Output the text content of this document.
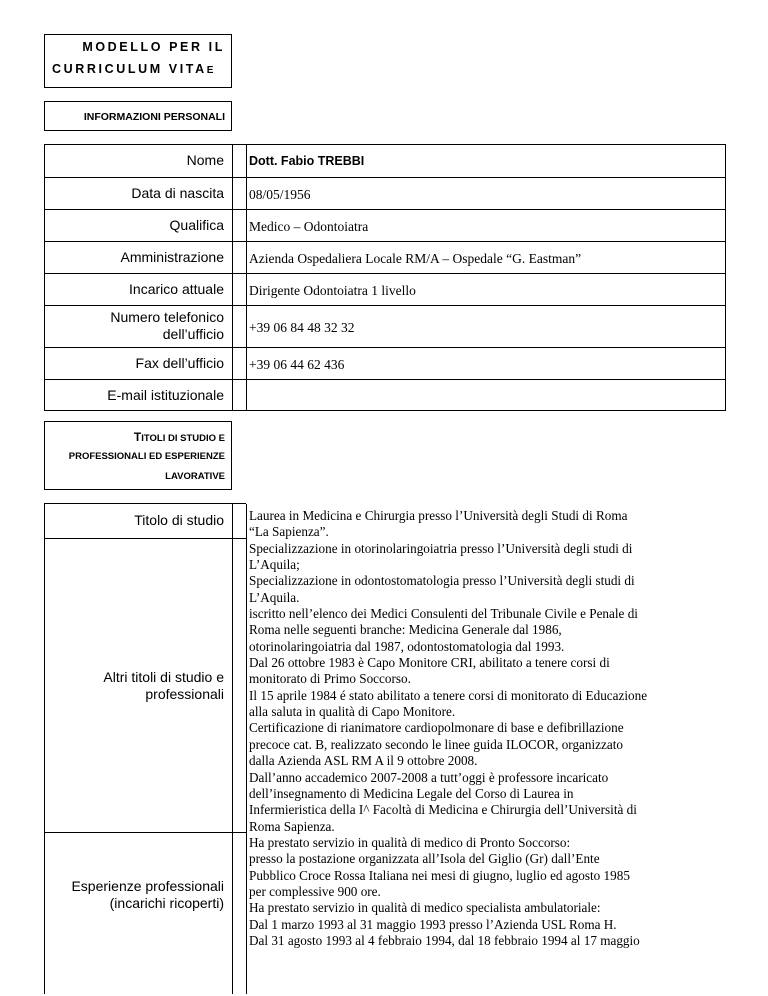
MODELLO PER IL
CURRICULUM VITAE
INFORMAZIONI PERSONALI
Nome Dott. Fabio TREBBI
Data di nascita 08/05/1956
Qualifica Medico – Odontoiatra
Amministrazione Azienda Ospedaliera Locale RM/A – Ospedale “G. Eastman”
Incarico attuale Dirigente Odontoiatra 1 livello
Numero telefonico
dell’ufficio +39 06 84 48 32 32
Fax dell’ufficio +39 06 44 62 436
E-mail istituzionale
TITOLI DI STUDIO E
PROFESSIONALI ED ESPERIENZE
LAVORATIVE
Titolo di studio
Altri titoli di studio e
professionali
Esperienze professionali
(incarichi ricoperti)
Laurea in Medicina e Chirurgia presso l’Università degli Studi di Roma
“La Sapienza”.
Specializzazione in otorinolaringoiatria presso l’Università degli studi di
L’Aquila;
Specializzazione in odontostomatologia presso l’Università degli studi di
L’Aquila.
iscritto nell’elenco dei Medici Consulenti del Tribunale Civile e Penale di
Roma nelle seguenti branche: Medicina Generale dal 1986,
otorinolaringoiatria dal 1987, odontostomatologia dal 1993.
Dal 26 ottobre 1983 è Capo Monitore CRI, abilitato a tenere corsi di
monitorato di Primo Soccorso.
Il 15 aprile 1984 é stato abilitato a tenere corsi di monitorato di Educazione
alla saluta in qualità di Capo Monitore.
Certificazione di rianimatore cardiopolmonare di base e defibrillazione
precoce cat. B, realizzato secondo le linee guida ILOCOR, organizzato
dalla Azienda ASL RM A il 9 ottobre 2008.
Dall’anno accademico 2007-2008 a tutt’oggi è professore incaricato
dell’insegnamento di Medicina Legale del Corso di Laurea in
Infermieristica della I^ Facoltà di Medicina e Chirurgia dell’Università di
Roma Sapienza.
Ha prestato servizio in qualità di medico di Pronto Soccorso:
presso la postazione organizzata all’Isola del Giglio (Gr) dall’Ente
Pubblico Croce Rossa Italiana nei mesi di giugno, luglio ed agosto 1985
per complessive 900 ore.
Ha prestato servizio in qualità di medico specialista ambulatoriale:
Dal 1 marzo 1993 al 31 maggio 1993 presso l’Azienda USL Roma H.
Dal 31 agosto 1993 al 4 febbraio 1994, dal 18 febbraio 1994 al 17 maggio
